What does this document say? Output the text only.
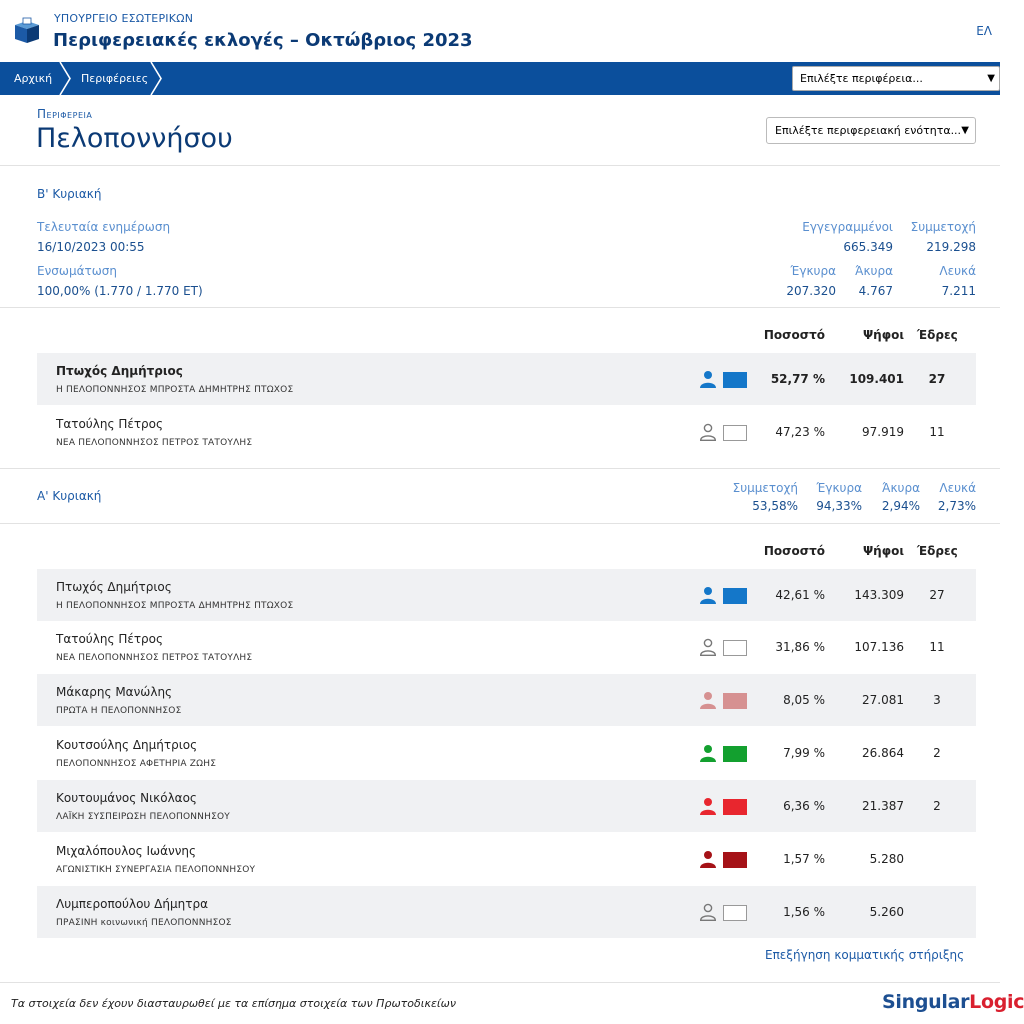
ΥΠΟΥΡΓΕΙΟ ΕΣΩΤΕΡΙΚΩΝ
Περιφερειακές εκλογές – Οκτώβριος 2023	ΕΛ
Αρχική	Περιφέρειες	Επιλέξτε περιφέρεια...	▼
Περιφερεια
Πελοποννήσου	Επιλέξτε περιφερειακή ενότητα... ▼
Β' Κυριακή
Τελευταία ενημέρωση
16/10/2023 00:55
Ενσωμάτωση
100,00% (1.770 / 1.770 ΕΤ)
Εγγεγραμμένοι
665.349
Συμμετοχή
219.298
Έγκυρα
207.320
Άκυρα
4.767
Λευκά
7.211
Ποσοστό	Ψήφοι Έδρες
Πτωχός Δημήτριος
Η ΠΕΛΟΠΟΝΝΗΣΟΣ ΜΠΡΟΣΤΑ ΔΗΜΗΤΡΗΣ ΠΤΩΧΟΣ
52,77 %	109.401	27
Τατούλης Πέτρος
ΝΕΑ ΠΕΛΟΠΟΝΝΗΣΟΣ ΠΕΤΡΟΣ ΤΑΤΟΥΛΗΣ
47,23 %	97.919	11
Α' Κυριακή
Συμμετοχή
53,58%
Έγκυρα
94,33%
Άκυρα
2,94%
Λευκά
2,73%
Ποσοστό	Ψήφοι Έδρες
Πτωχός Δημήτριος
Η ΠΕΛΟΠΟΝΝΗΣΟΣ ΜΠΡΟΣΤΑ ΔΗΜΗΤΡΗΣ ΠΤΩΧΟΣ
42,61 %	143.309	27
Τατούλης Πέτρος
ΝΕΑ ΠΕΛΟΠΟΝΝΗΣΟΣ ΠΕΤΡΟΣ ΤΑΤΟΥΛΗΣ
31,86 %	107.136	11
Μάκαρης Μανώλης
ΠΡΩΤΑ Η ΠΕΛΟΠΟΝΝΗΣΟΣ
8,05 %	27.081	3
Κουτσούλης Δημήτριος
ΠΕΛΟΠΟΝΝΗΣΟΣ ΑΦΕΤΗΡΙΑ ΖΩΗΣ
7,99 %	26.864	2
Κουτουμάνος Νικόλαος
ΛΑΪΚΗ ΣΥΣΠΕΙΡΩΣΗ ΠΕΛΟΠΟΝΝΗΣΟΥ
6,36 %	21.387	2
Μιχαλόπουλος Ιωάννης
ΑΓΩΝΙΣΤΙΚΗ ΣΥΝΕΡΓΑΣΙΑ ΠΕΛΟΠΟΝΝΗΣΟΥ
1,57 %	5.280
Λυμπεροπούλου Δήμητρα
ΠΡΑΣΙΝΗ κοινωνική ΠΕΛΟΠΟΝΝΗΣΟΣ
1,56 %	5.260
Επεξήγηση κομματικής στήριξης
Τα στοιχεία δεν έχουν διασταυρωθεί με τα επίσημα στοιχεία των Πρωτοδικείων	SingularLogic
